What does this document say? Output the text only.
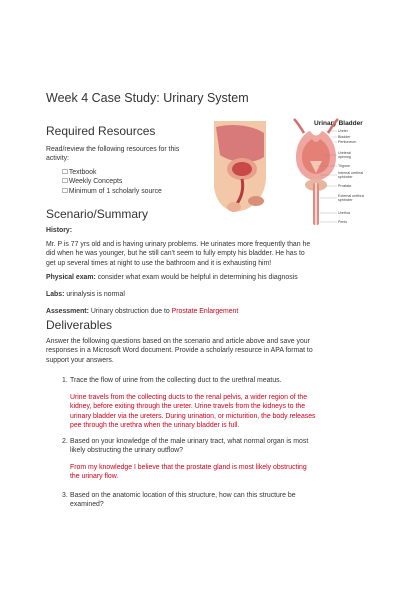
Week 4 Case Study: Urinary System
Required Resources
Read/review the following resources for this
activity:
☐ Textbook
☐ Weekly Concepts
☐ Minimum of 1 scholarly source
Urinary Bladder
Ureter
Bladder
Peritoneum
Ureteral
opening
Trigone
Internal urethral
sphincter
Prostate
External urethral
sphincter
Urethra
Penis
Scenario/Summary
History:
Mr. P is 77 yrs old and is having urinary problems. He urinates more frequently than he
did when he was younger, but he still can't seem to fully empty his bladder. He has to
get up several times at night to use the bathroom and it is exhausting him!
Physical exam: consider what exam would be helpful in determining his diagnosis
Labs: urinalysis is normal
Assessment: Urinary obstruction due to Prostate Enlargement
Deliverables
Answer the following questions based on the scenario and article above and save your
responses in a Microsoft Word document. Provide a scholarly resource in APA format to
support your answers.
1. Trace the flow of urine from the collecting duct to the urethral meatus.
Urine travels from the collecting ducts to the renal pelvis, a wider region of the
kidney, before exiting through the ureter. Urine travels from the kidneys to the
urinary bladder via the ureters. During urination, or micturition, the body releases
pee through the urethra when the urinary bladder is full.
2. Based on your knowledge of the male urinary tract, what normal organ is most
likely obstructing the urinary outflow?
From my knowledge I believe that the prostate gland is most likely obstructing
the urinary flow.
3. Based on the anatomic location of this structure, how can this structure be
examined?
